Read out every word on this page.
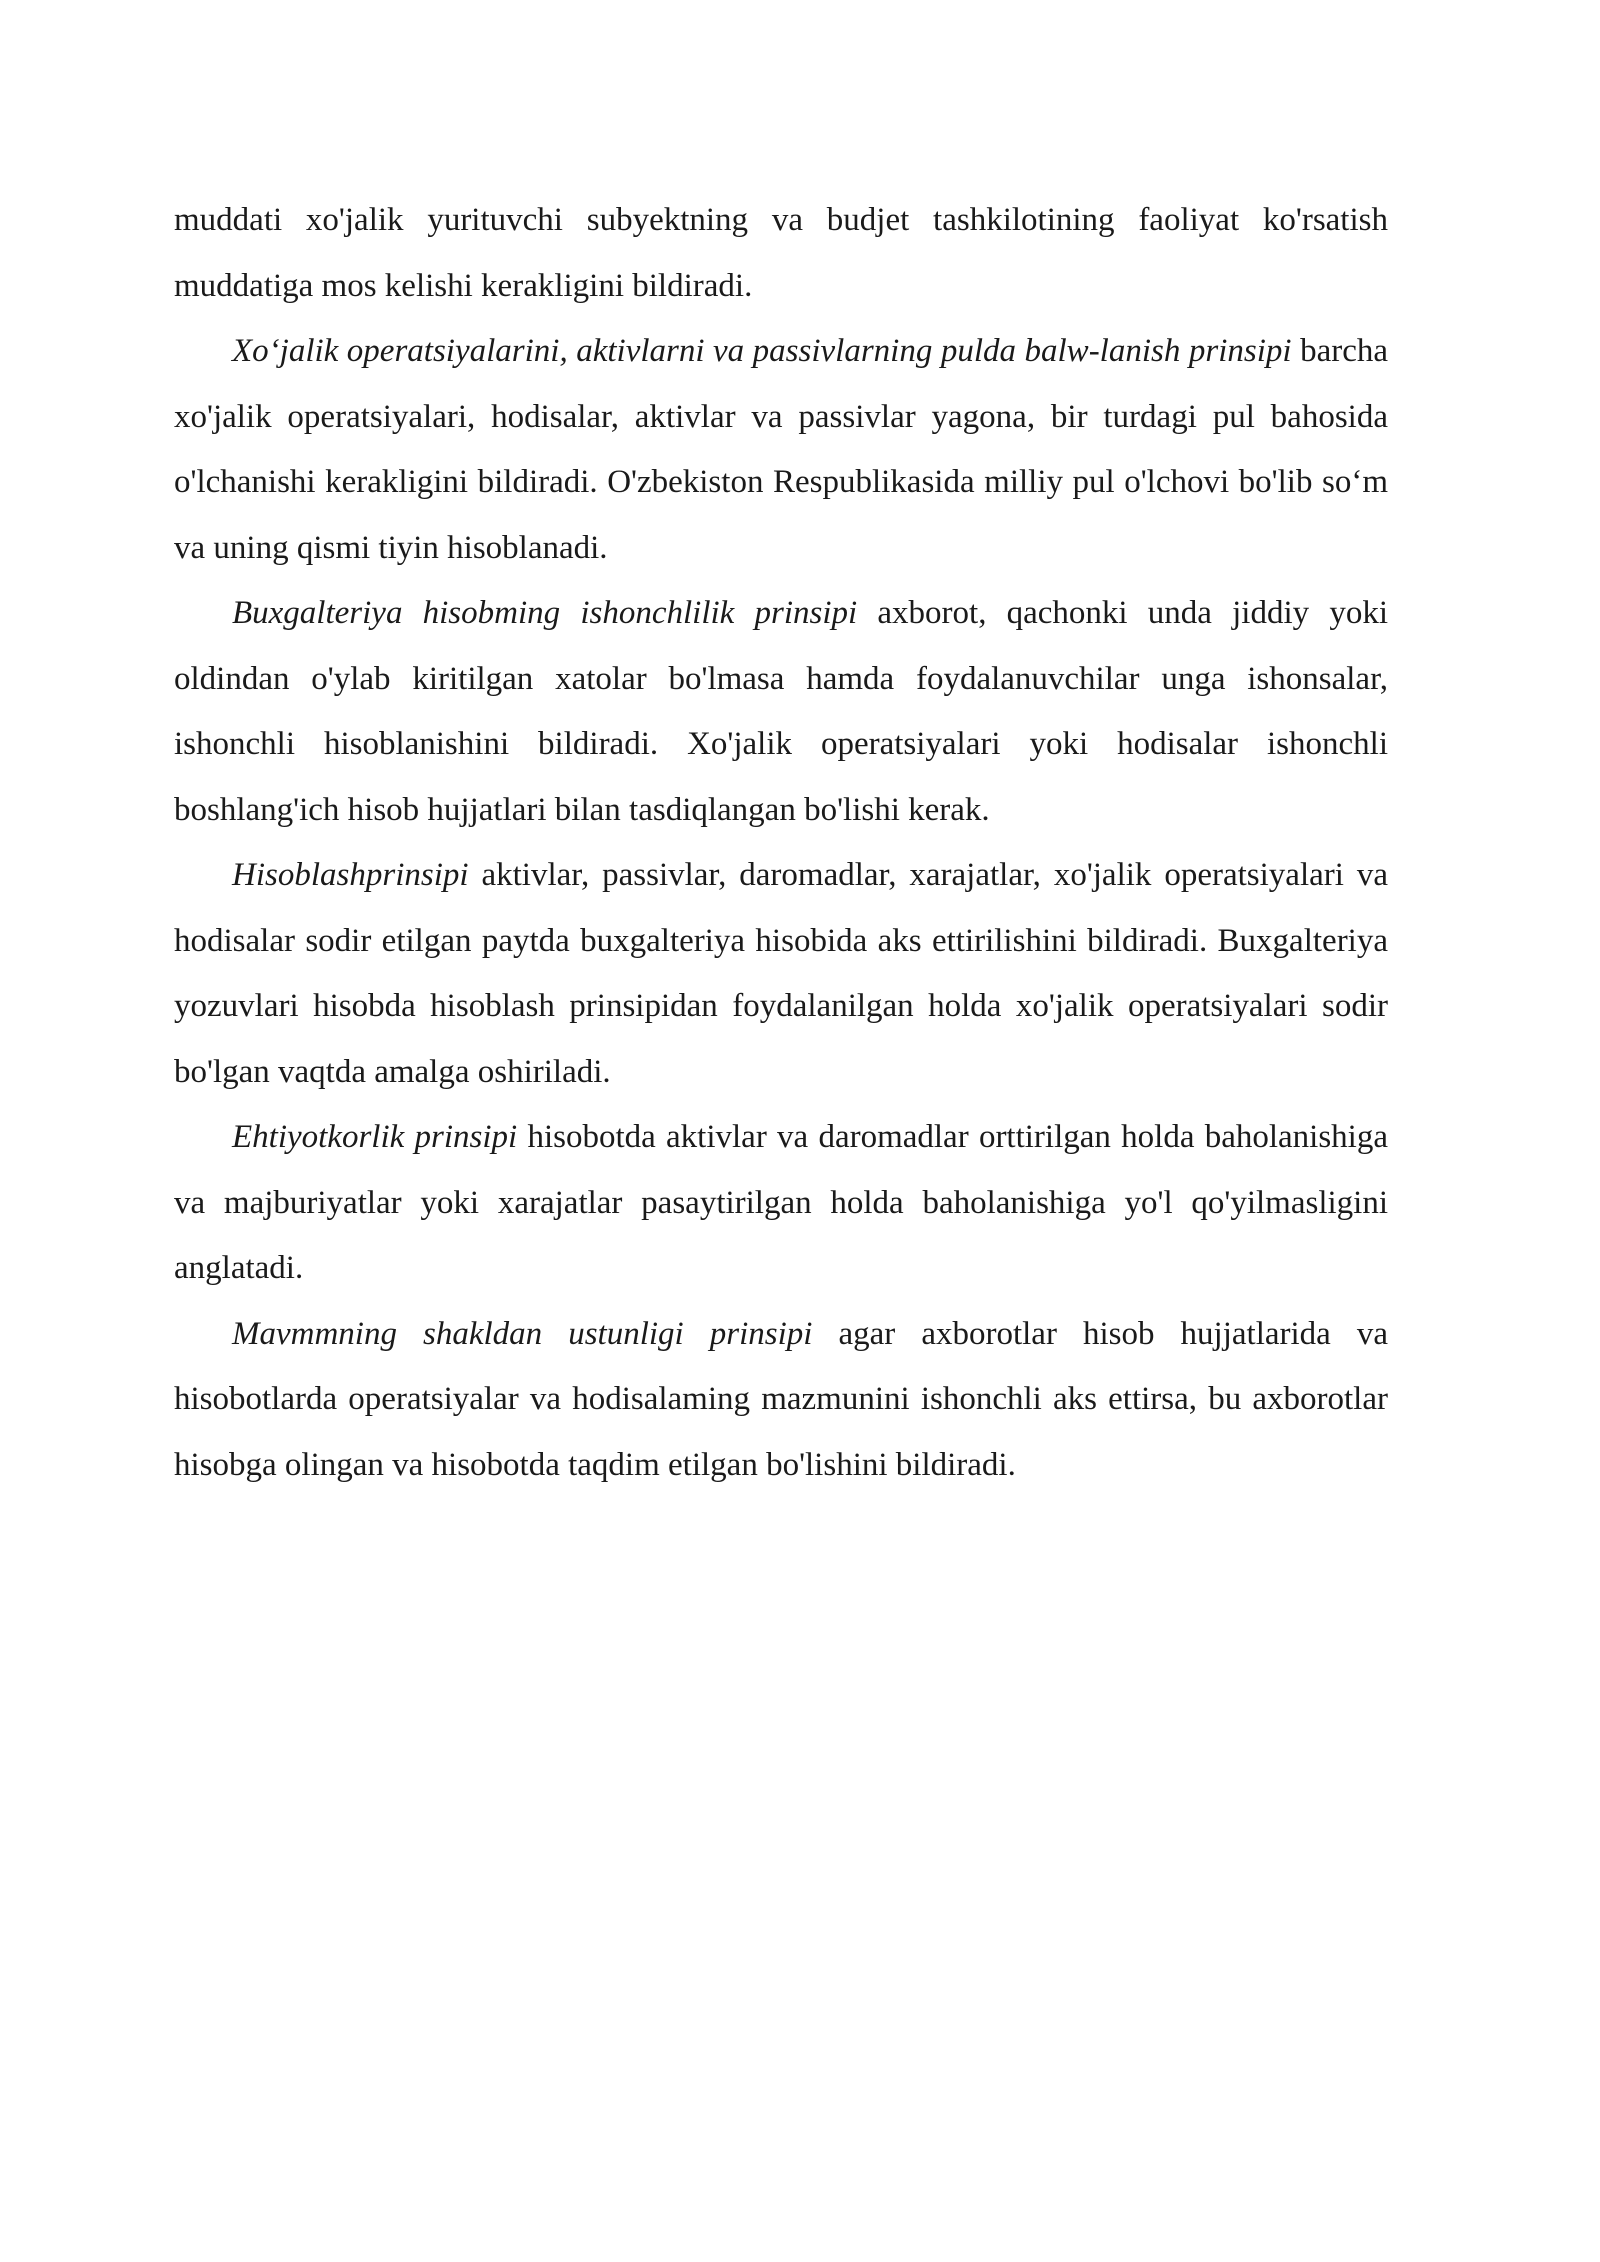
muddati xo'jalik yurituvchi subyektning va budjet tashkilotining faoliyat ko'rsatish muddatiga mos kelishi kerakligini bildiradi.

Xo‘jalik operatsiyalarini, aktivlarni va passivlarning pulda balw-lanish prinsipi barcha xo'jalik operatsiyalari, hodisalar, aktivlar va passivlar yagona, bir turdagi pul bahosida o'lchanishi kerakligini bildiradi. O'zbekiston Respublikasida milliy pul o'lchovi bo'lib so‘m va uning qismi tiyin hisoblanadi.

Buxgalteriya hisobming ishonchlilik prinsipi axborot, qachonki unda jiddiy yoki oldindan o'ylab kiritilgan xatolar bo'lmasa hamda foydalanuvchilar unga ishonsalar, ishonchli hisoblanishini bildiradi. Xo'jalik operatsiyalari yoki hodisalar ishonchli boshlang'ich hisob hujjatlari bilan tasdiqlangan bo'lishi kerak.

Hisoblashprinsipi aktivlar, passivlar, daromadlar, xarajatlar, xo'jalik operatsiyalari va hodisalar sodir etilgan paytda buxgalteriya hisobida aks ettirilishini bildiradi. Buxgalteriya yozuvlari hisobda hisoblash prinsipidan foydalanilgan holda xo'jalik operatsiyalari sodir bo'lgan vaqtda amalga oshiriladi.

Ehtiyotkorlik prinsipi hisobotda aktivlar va daromadlar orttirilgan holda baholanishiga va majburiyatlar yoki xarajatlar pasaytirilgan holda baholanishiga yo'l qo'yilmasligini anglatadi.

Mavmmning shakldan ustunligi prinsipi agar axborotlar hisob hujjatlarida va hisobotlarda operatsiyalar va hodisalaming mazmunini ishonchli aks ettirsa, bu axborotlar hisobga olingan va hisobotda taqdim etilgan bo'lishini bildiradi.
